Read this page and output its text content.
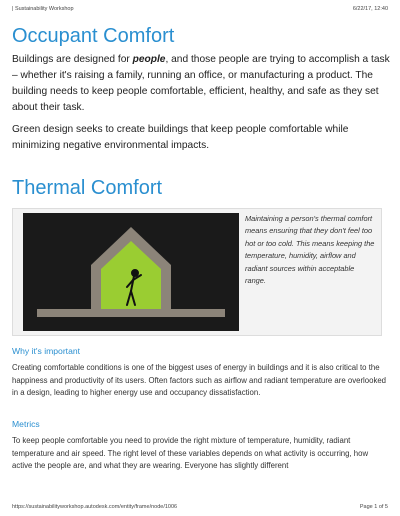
| Sustainability Workshop	6/22/17, 12:40
Occupant Comfort

Buildings are designed for people, and those people are trying to accomplish a task – whether it's raising a family, running an office, or manufacturing a product. The building needs to keep people comfortable, efficient, healthy, and safe as they set about their task.

Green design seeks to create buildings that keep people comfortable while minimizing negative environmental impacts.

Thermal Comfort

Maintaining a person's thermal comfort means ensuring that they don't feel too hot or too cold. This means keeping the temperature, humidity, airflow and radiant sources within acceptable range.

Why it's important

Creating comfortable conditions is one of the biggest uses of energy in buildings and it is also critical to the happiness and productivity of its users. Often factors such as airflow and radiant temperature are overlooked in a design, leading to higher energy use and occupancy dissatisfaction.

Metrics

To keep people comfortable you need to provide the right mixture of temperature, humidity, radiant temperature and air speed. The right level of these variables depends on what activity is occurring, how active the people are, and what they are wearing. Everyone has slightly different

https://sustainabilityworkshop.autodesk.com/entity/frame/node/1006	Page 1 of 5
